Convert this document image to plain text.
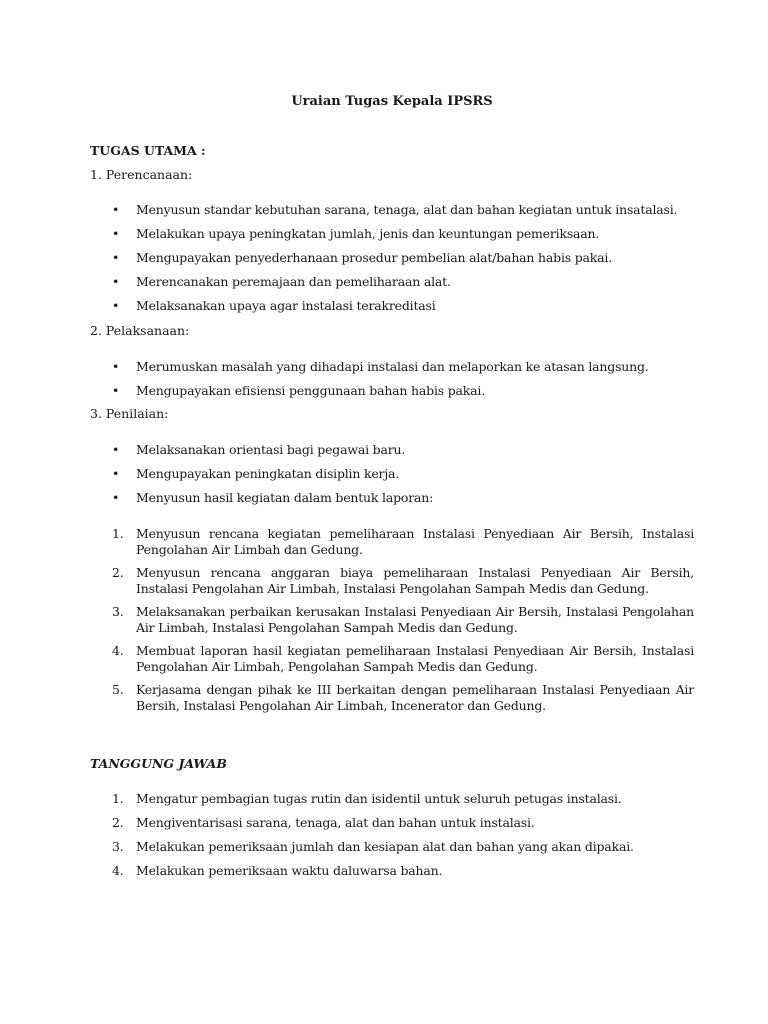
Uraian Tugas Kepala IPSRS
TUGAS UTAMA :
1. Perencanaan:
• Menyusun standar kebutuhan sarana, tenaga, alat dan bahan kegiatan untuk insatalasi.
• Melakukan upaya peningkatan jumlah, jenis dan keuntungan pemeriksaan.
• Mengupayakan penyederhanaan prosedur pembelian alat/bahan habis pakai.
• Merencanakan peremajaan dan pemeliharaan alat.
• Melaksanakan upaya agar instalasi terakreditasi
2. Pelaksanaan:
• Merumuskan masalah yang dihadapi instalasi dan melaporkan ke atasan langsung.
• Mengupayakan efisiensi penggunaan bahan habis pakai.
3. Penilaian:
• Melaksanakan orientasi bagi pegawai baru.
• Mengupayakan peningkatan disiplin kerja.
• Menyusun hasil kegiatan dalam bentuk laporan:
1. Menyusun rencana kegiatan pemeliharaan Instalasi Penyediaan Air Bersih, Instalasi Pengolahan Air Limbah dan Gedung.
2. Menyusun rencana anggaran biaya pemeliharaan Instalasi Penyediaan Air Bersih, Instalasi Pengolahan Air Limbah, Instalasi Pengolahan Sampah Medis dan Gedung.
3. Melaksanakan perbaikan kerusakan Instalasi Penyediaan Air Bersih, Instalasi Pengolahan Air Limbah, Instalasi Pengolahan Sampah Medis dan Gedung.
4. Membuat laporan hasil kegiatan pemeliharaan Instalasi Penyediaan Air Bersih, Instalasi Pengolahan Air Limbah, Pengolahan Sampah Medis dan Gedung.
5. Kerjasama dengan pihak ke III berkaitan dengan pemeliharaan Instalasi Penyediaan Air Bersih, Instalasi Pengolahan Air Limbah, Incenerator dan Gedung.
TANGGUNG JAWAB
1. Mengatur pembagian tugas rutin dan isidentil untuk seluruh petugas instalasi.
2. Mengiventarisasi sarana, tenaga, alat dan bahan untuk instalasi.
3. Melakukan pemeriksaan jumlah dan kesiapan alat dan bahan yang akan dipakai.
4. Melakukan pemeriksaan waktu daluwarsa bahan.
